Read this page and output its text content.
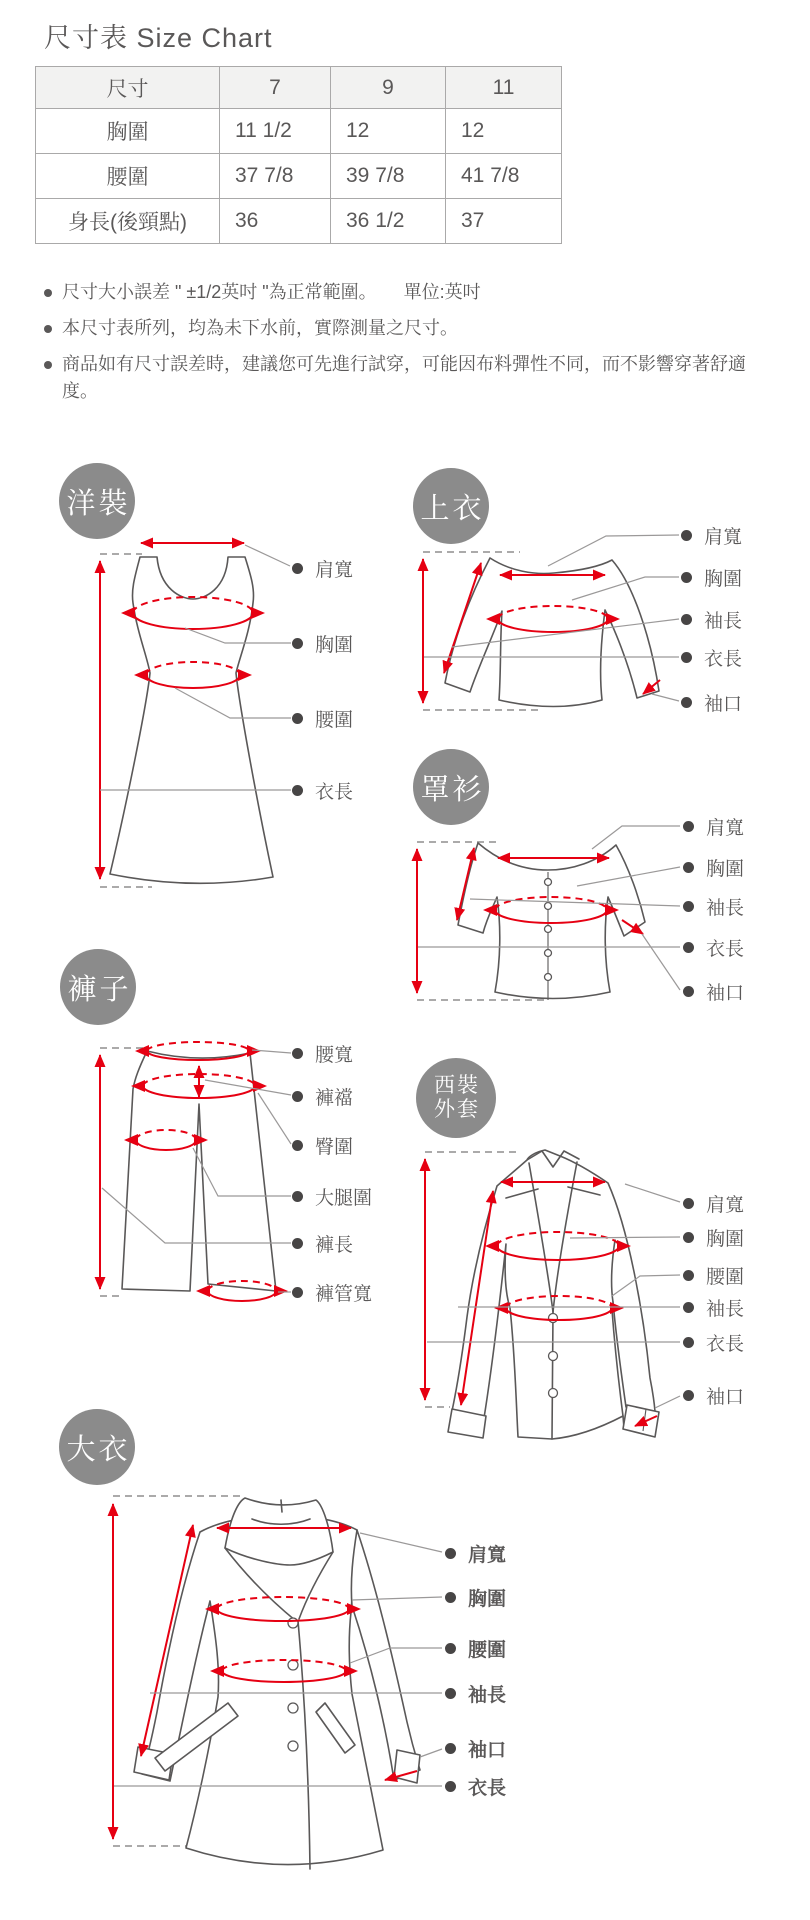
尺寸表 Size Chart
尺寸	7	9	11
胸圍	11 1/2	12	12
腰圍	37 7/8	39 7/8	41 7/8
身長(後頸點)	36	36 1/2	37
尺寸大小誤差 " ±1/2英吋 "為正常範圍。　　單位:英吋
本尺寸表所列，均為未下水前，實際測量之尺寸。
商品如有尺寸誤差時，建議您可先進行試穿，可能因布料彈性不同，而不影響穿著舒適度。
洋裝
肩寬
胸圍
腰圍
衣長
上衣
肩寬
胸圍
袖長
衣長
袖口
罩衫
肩寬
胸圍
袖長
衣長
袖口
褲子
腰寬
褲襠
臀圍
大腿圍
褲長
褲管寬
西裝
外套
肩寬
胸圍
腰圍
袖長
衣長
袖口
大衣
肩寬
胸圍
腰圍
袖長
袖口
衣長
